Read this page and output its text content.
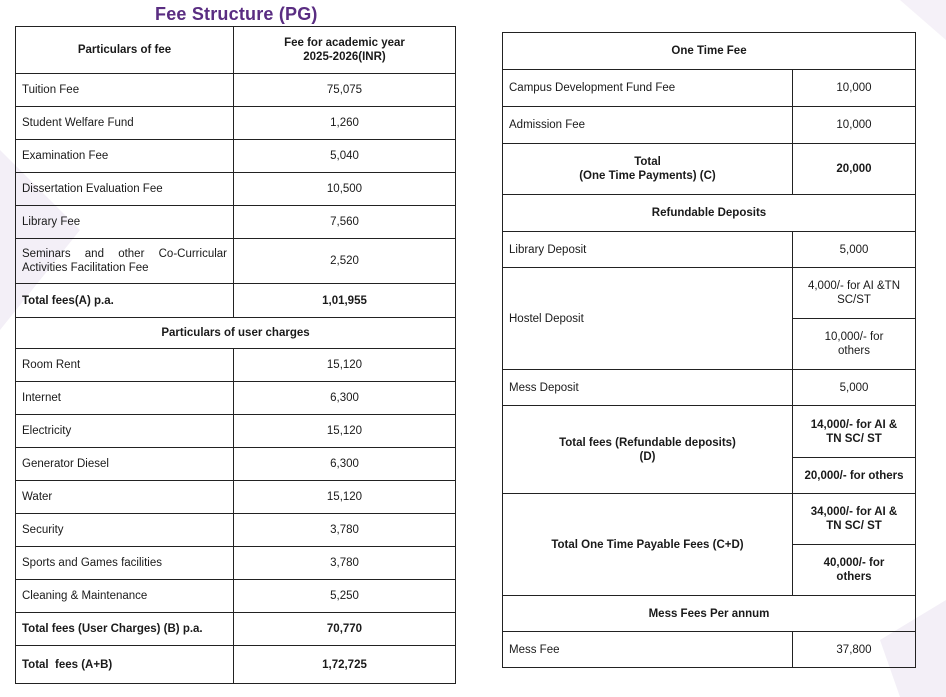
Fee Structure (PG)
Particulars of fee	Fee for academic year 2025-2026(INR)
Tuition Fee	75,075
Student Welfare Fund	1,260
Examination Fee	5,040
Dissertation Evaluation Fee	10,500
Library Fee	7,560
Seminars and other Co-Curricular Activities Facilitation Fee	2,520
Total fees(A) p.a.	1,01,955
Particulars of user charges	
Room Rent	15,120
Internet	6,300
Electricity	15,120
Generator Diesel	6,300
Water	15,120
Security	3,780
Sports and Games facilities	3,780
Cleaning & Maintenance	5,250
Total fees (User Charges) (B) p.a.	70,770
Total  fees (A+B)	1,72,725
One Time Fee	
Campus Development Fund Fee	10,000
Admission Fee	10,000

Total
(One Time Payments) (C)	20,000
Refundable Deposits	
Library Deposit	5,000
Hostel Deposit	4,000/- for AI &TN SC/ST
	10,000/- for others
Mess Deposit	5,000
Total fees (Refundable deposits) (D)	14,000/- for AI & TN SC/ ST
	20,000/- for others
Total One Time Payable Fees (C+D)	34,000/- for AI & TN SC/ ST
	40,000/- for others
Mess Fees Per annum	
Mess Fee	37,800
